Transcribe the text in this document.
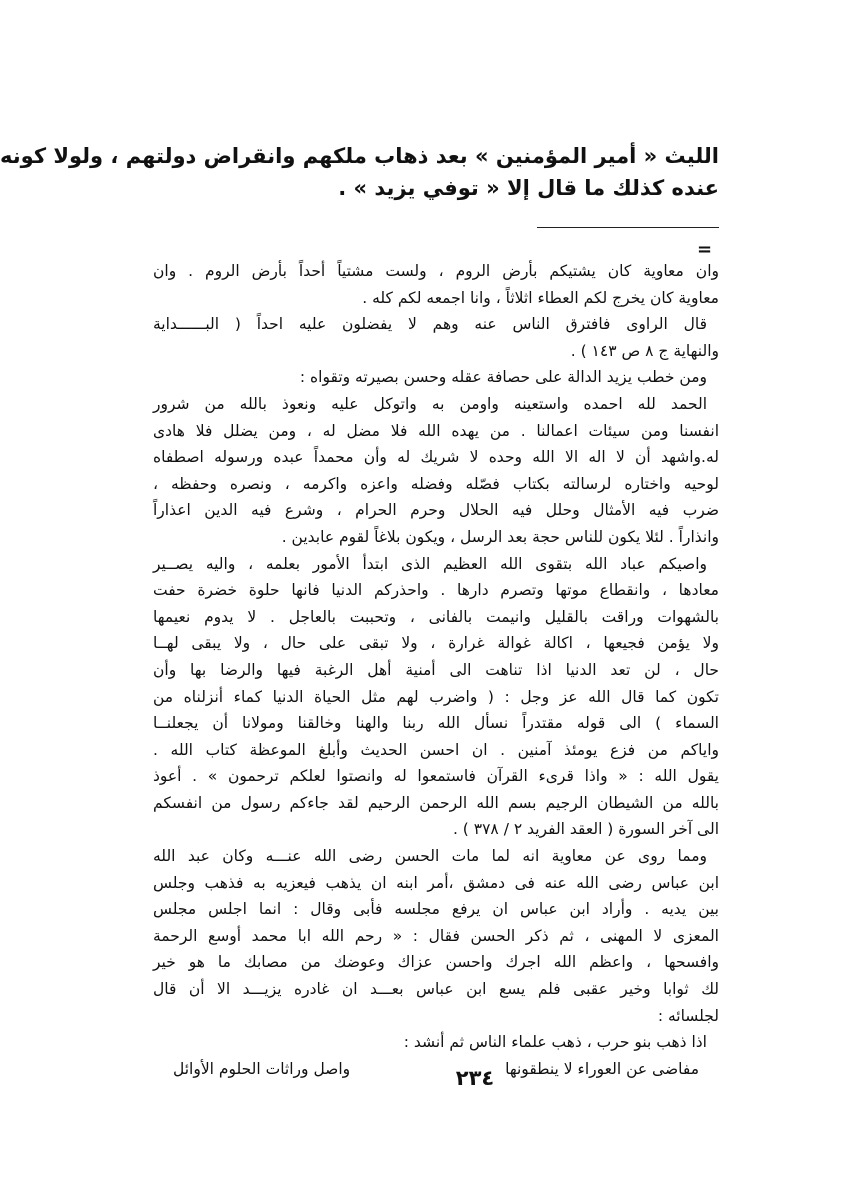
الليث « أمير المؤمنين » بعد ذهاب ملكهم وانقراض دولتهم ، ولولا كونه
عنده كذلك ما قال إلا « توفي يزيد » .
=
وان معاوية كان يشتيكم بأرض الروم ، ولست مشتياً أحداً بأرض الروم . وان
معاوية كان يخرج لكم العطاء اثلاثاً ، وانا اجمعه لكم كله .
قال الراوى فافترق الناس عنه وهم لا يفضلون عليه احداً ( البــــــداية
والنهاية ج ٨ ص ١٤٣ ) .
ومن خطب يزيد الدالة على حصافة عقله وحسن بصيرته وتقواه :
الحمد لله احمده واستعينه واومن به واتوكل عليه ونعوذ بالله من شرور
انفسنا ومن سيئات اعمالنا . من يهده الله فلا مضل له ، ومن يضلل فلا هادى
له.واشهد أن لا اله الا الله وحده لا شريك له وأن محمداً عبده ورسوله اصطفاه
لوحيه واختاره لرسالته بكتاب فصّله وفضله واعزه واكرمه ، ونصره وحفظه ،
ضرب فيه الأمثال وحلل فيه الحلال وحرم الحرام ، وشرع فيه الدين اعذاراً
وانذاراً . لئلا يكون للناس حجة بعد الرسل ، ويكون بلاغاً لقوم عابدين .
واصيكم عباد الله بتقوى الله العظيم الذى ابتدأ الأمور بعلمه ، واليه يصــير
معادها ، وانقطاع موتها وتصرم دارها . واحذركم الدنيا فانها حلوة خضرة حفت
بالشهوات وراقت بالقليل وانيمت بالفانى ، وتحببت بالعاجل . لا يدوم نعيمها
ولا يؤمن فجيعها ، اكالة غوالة غرارة ، ولا تبقى على حال ، ولا يبقى لهــا
حال ، لن تعد الدنيا اذا تناهت الى أمنية أهل الرغبة فيها والرضا بها وأن
تكون كما قال الله عز وجل : ( واضرب لهم مثل الحياة الدنيا كماء أنزلناه من
السماء ) الى قوله مقتدراً نسأل الله ربنا والهنا وخالقنا ومولانا أن يجعلنــا
واياكم من فزع يومئذ آمنين . ان احسن الحديث وأبلغ الموعظة كتاب الله .
يقول الله : « واذا قرىء القرآن فاستمعوا له وانصتوا لعلكم ترحمون » . أعوذ
بالله من الشيطان الرجيم بسم الله الرحمن الرحيم لقد جاءكم رسول من انفسكم
الى آخر السورة ( العقد الفريد ٢ / ٣٧٨ ) .
ومما روى عن معاوية انه لما مات الحسن رضى الله عنـــه وكان عبد الله
ابن عباس رضى الله عنه فى دمشق ،أمر ابنه ان يذهب فيعزيه به فذهب وجلس
بين يديه . وأراد ابن عباس ان يرفع مجلسه فأبى وقال : انما اجلس مجلس
المعزى لا المهنى ، ثم ذكر الحسن فقال : « رحم الله ابا محمد أوسع الرحمة
وافسحها ، واعظم الله اجرك واحسن عزاك وعوضك من مصابك ما هو خير
لك ثوابا وخير عقبى فلم يسع ابن عباس بعـــد ان غادره يزيـــد الا أن قال
لجلسائه :
اذا ذهب بنو حرب ، ذهب علماء الناس ثم أنشد :
مفاضى عن العوراء لا ينطقونها
واصل وراثات الحلوم الأوائل	٢٣٤
